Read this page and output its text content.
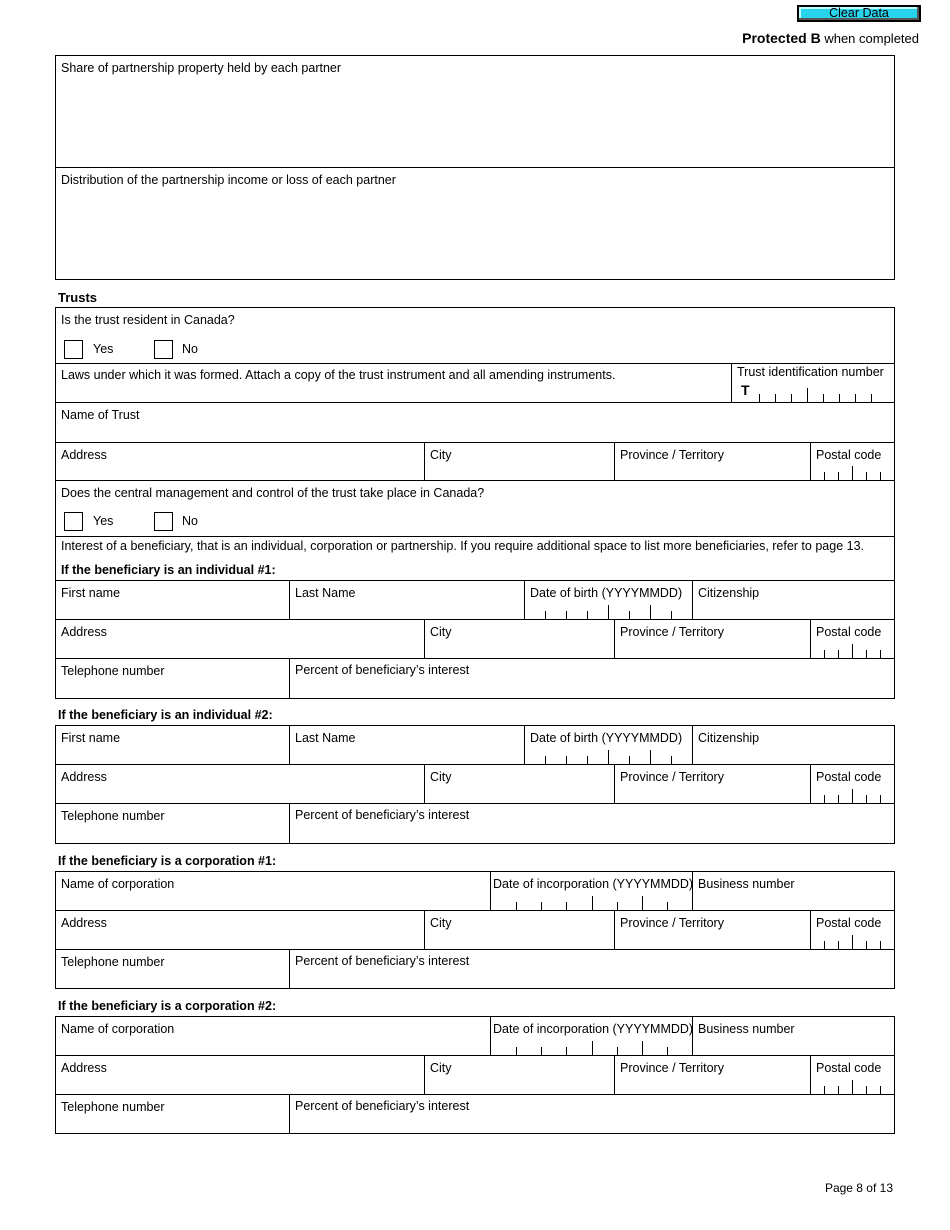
Clear Data
Protected B when completed
Share of partnership property held by each partner
Distribution of the partnership income or loss of each partner
Trusts
Is the trust resident in Canada?
Yes	No
Laws under which it was formed. Attach a copy of the trust instrument and all amending instruments.	Trust identification number
T
Name of Trust
Address	City	Province / Territory	Postal code
Does the central management and control of the trust take place in Canada?
Yes	No
Interest of a beneficiary, that is an individual, corporation or partnership. If you require additional space to list more beneficiaries, refer to page 13.
If the beneficiary is an individual #1:
First name	Last Name	Date of birth (YYYYMMDD) Citizenship
Address	City	Province / Territory	Postal code
Telephone number	Percent of beneficiary’s interest
If the beneficiary is an individual #2:
First name	Last Name	Date of birth (YYYYMMDD) Citizenship
Address	City	Province / Territory	Postal code
Telephone number	Percent of beneficiary’s interest
If the beneficiary is a corporation #1:
Name of corporation	Date of incorporation (YYYYMMDD) Business number
Address	City	Province / Territory	Postal code
Telephone number	Percent of beneficiary’s interest
If the beneficiary is a corporation #2:
Name of corporation	Date of incorporation (YYYYMMDD) Business number
Address	City	Province / Territory	Postal code
Telephone number	Percent of beneficiary’s interest
Page 8 of 13
